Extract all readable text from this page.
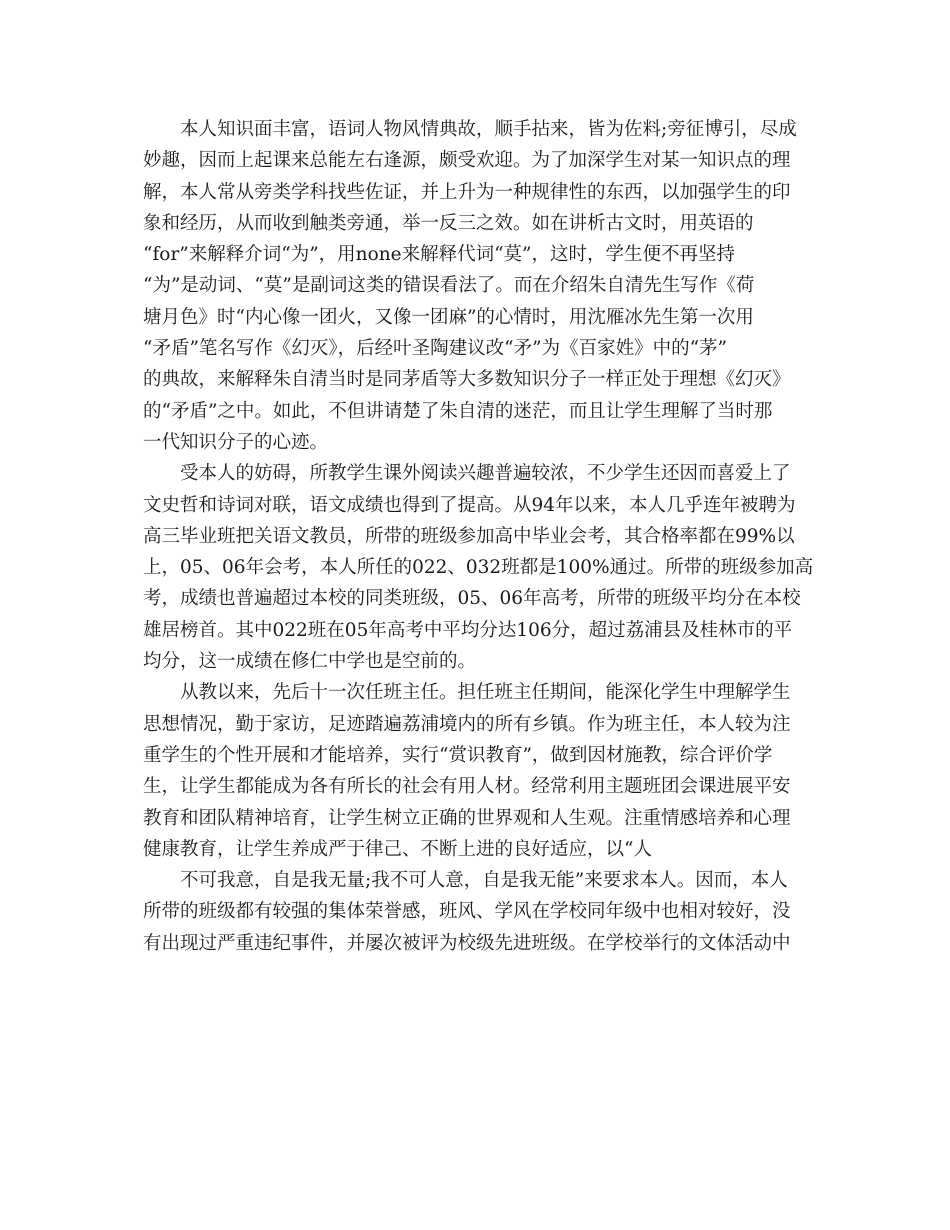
本人知识面丰富，语词人物风情典故，顺手拈来，皆为佐料;旁征博引，尽成
妙趣，因而上起课来总能左右逢源，颇受欢迎。为了加深学生对某一知识点的理
解，本人常从旁类学科找些佐证，并上升为一种规律性的东西，以加强学生的印
象和经历，从而收到触类旁通，举一反三之效。如在讲析古文时，用英语的
“for”来解释介词“为”，用none来解释代词“莫”，这时，学生便不再坚持
“为”是动词、“莫”是副词这类的错误看法了。而在介绍朱自清先生写作《荷
塘月色》时“内心像一团火，又像一团麻”的心情时，用沈雁冰先生第一次用
“矛盾”笔名写作《幻灭》，后经叶圣陶建议改“矛”为《百家姓》中的“茅”
的典故，来解释朱自清当时是同茅盾等大多数知识分子一样正处于理想《幻灭》
的“矛盾”之中。如此，不但讲请楚了朱自清的迷茫，而且让学生理解了当时那
一代知识分子的心迹。
受本人的妨碍，所教学生课外阅读兴趣普遍较浓，不少学生还因而喜爱上了
文史哲和诗词对联，语文成绩也得到了提高。从94年以来，本人几乎连年被聘为
高三毕业班把关语文教员，所带的班级参加高中毕业会考，其合格率都在99%以
上，05、06年会考，本人所任的022、032班都是100%通过。所带的班级参加高
考，成绩也普遍超过本校的同类班级，05、06年高考，所带的班级平均分在本校
雄居榜首。其中022班在05年高考中平均分达106分，超过荔浦县及桂林市的平
均分，这一成绩在修仁中学也是空前的。
从教以来，先后十一次任班主任。担任班主任期间，能深化学生中理解学生
思想情况，勤于家访，足迹踏遍荔浦境内的所有乡镇。作为班主任，本人较为注
重学生的个性开展和才能培养，实行“赏识教育”，做到因材施教，综合评价学
生，让学生都能成为各有所长的社会有用人材。经常利用主题班团会课进展平安
教育和团队精神培育，让学生树立正确的世界观和人生观。注重情感培养和心理
健康教育，让学生养成严于律己、不断上进的良好适应，以“人
不可我意，自是我无量;我不可人意，自是我无能”来要求本人。因而，本人
所带的班级都有较强的集体荣誉感，班风、学风在学校同年级中也相对较好，没
有出现过严重违纪事件，并屡次被评为校级先进班级。在学校举行的文体活动中
